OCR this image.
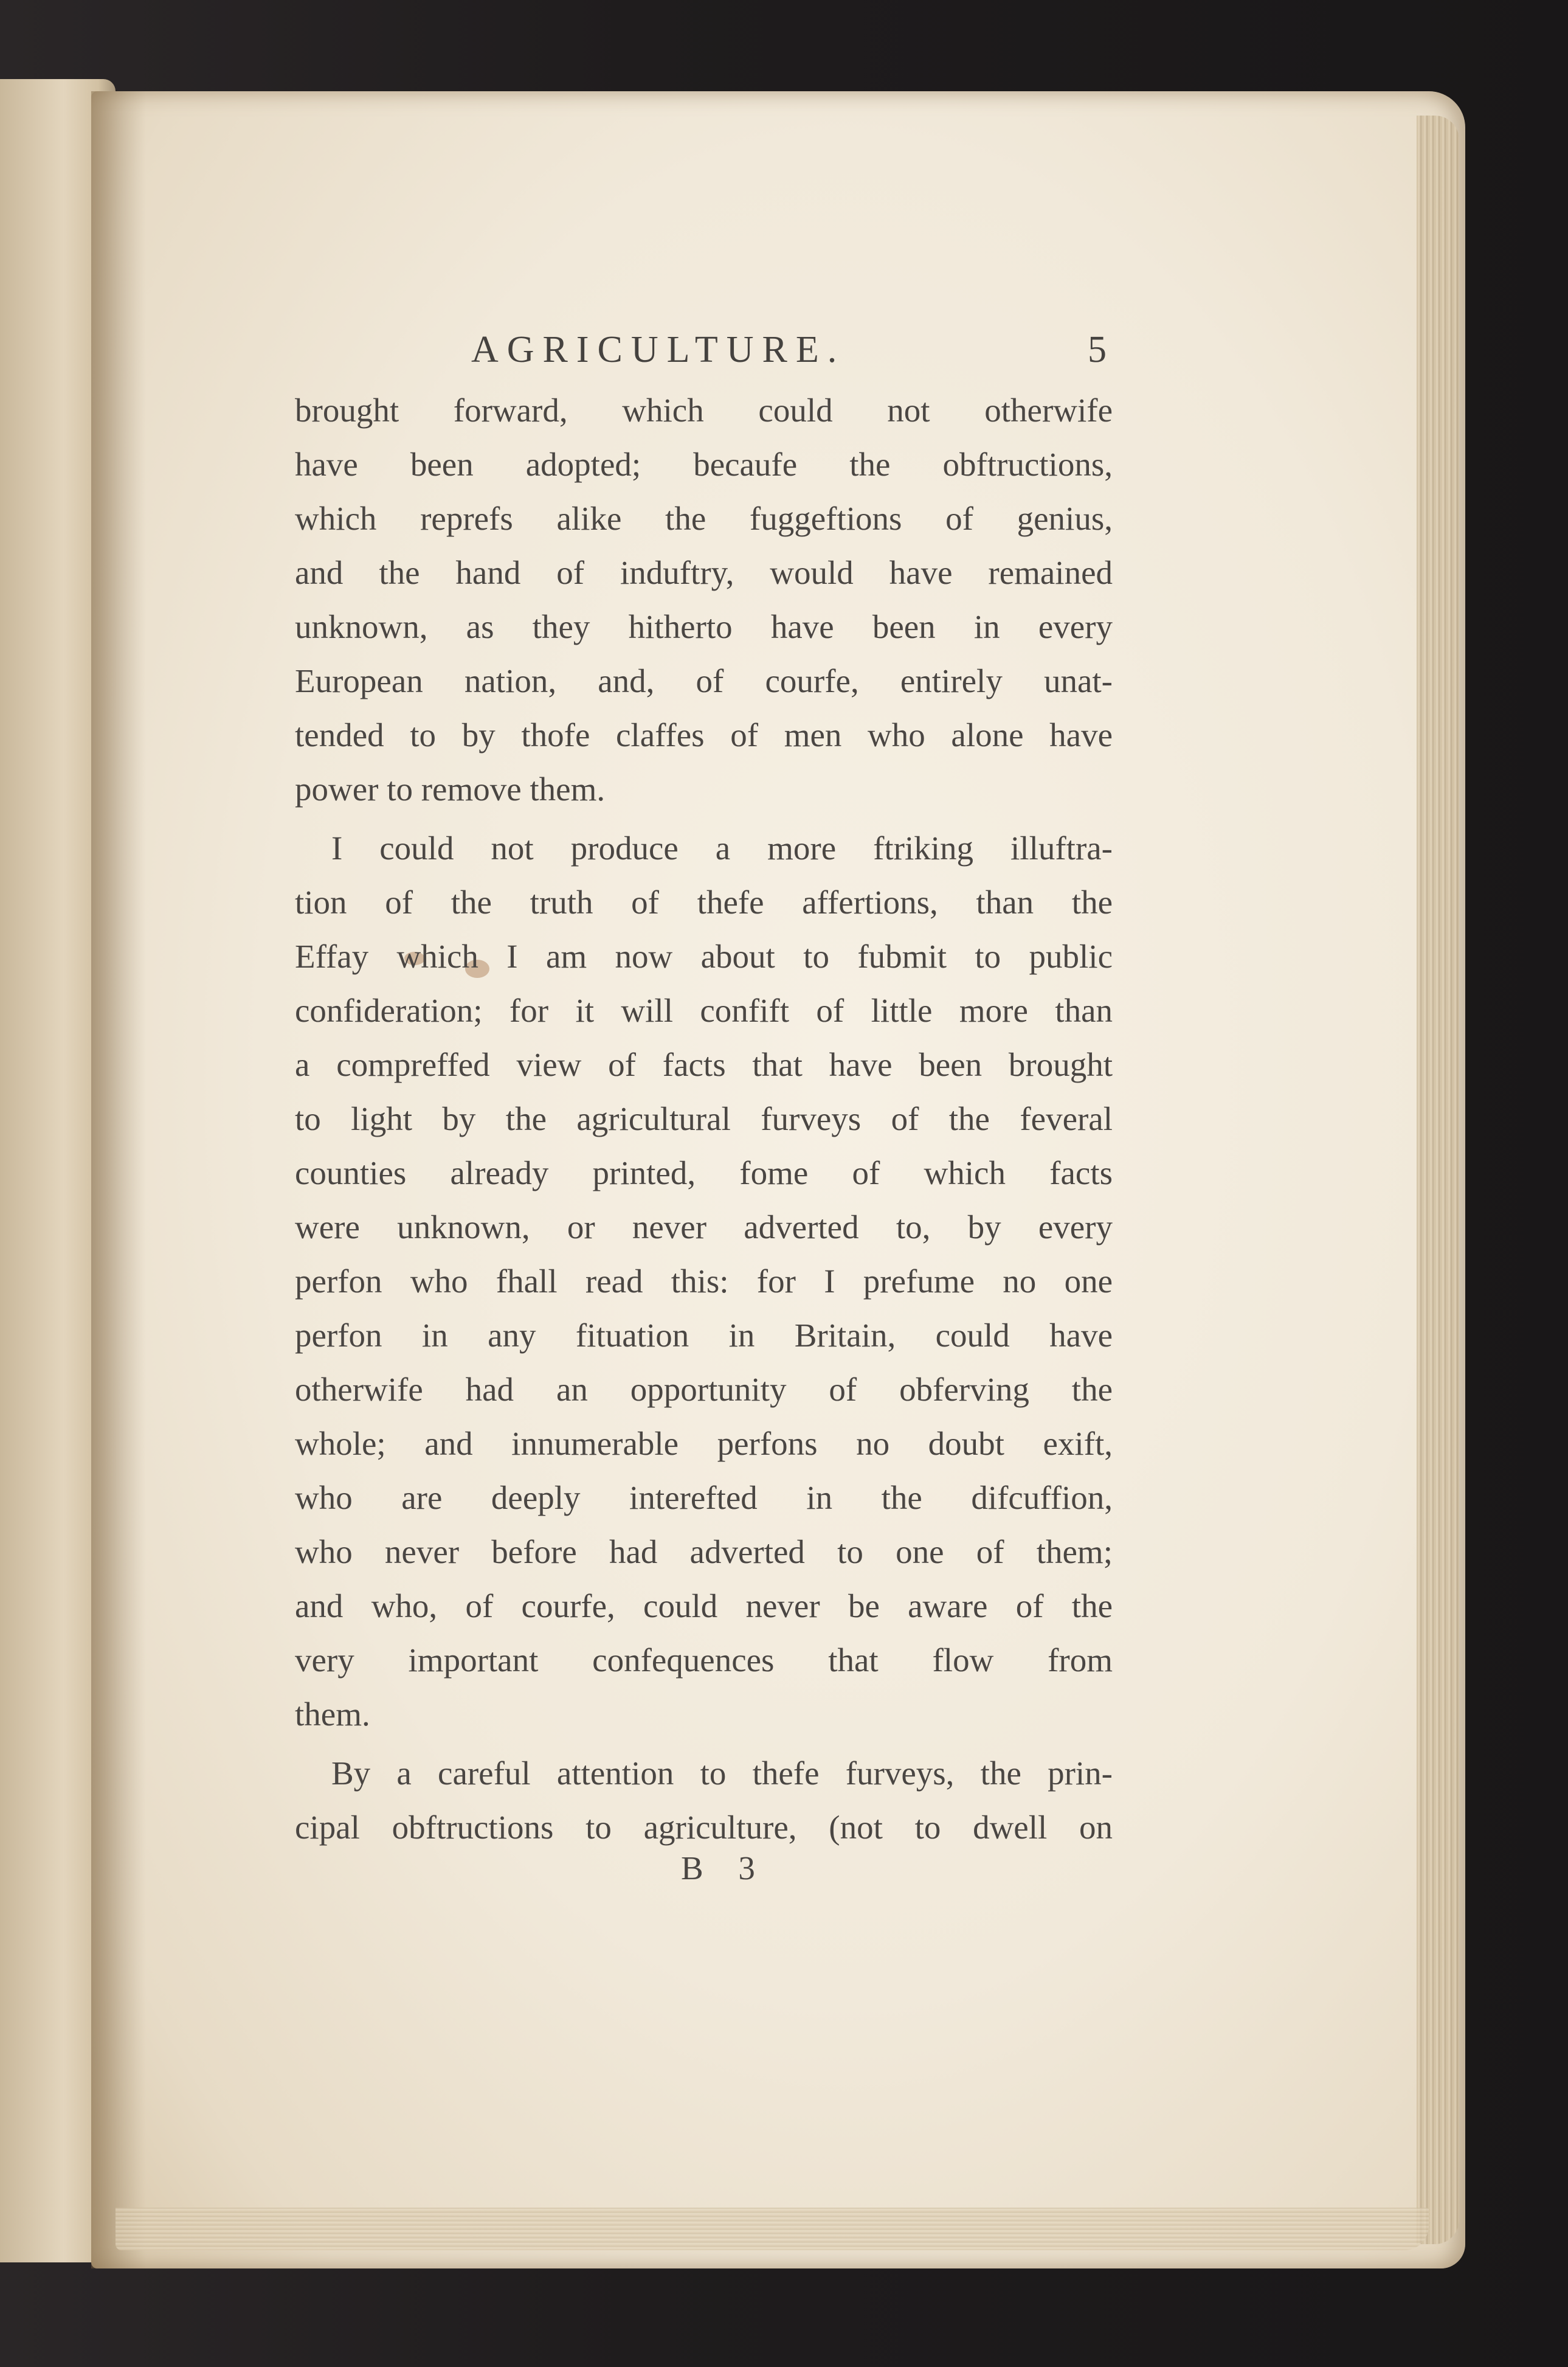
AGRICULTURE.	5
brought forward, which could not otherwife
have been adopted; becaufe the obftructions,
which reprefs alike the fuggeftions of genius,
and the hand of induftry, would have remained
unknown, as they hitherto have been in every
European nation, and, of courfe, entirely unat-
tended to by thofe claffes of men who alone have
power to remove them.
I could not produce a more ftriking illuftra-
tion of the truth of thefe affertions, than the
Effay which I am now about to fubmit to public
confideration; for it will confift of little more than
a compreffed view of facts that have been brought
to light by the agricultural furveys of the feveral
counties already printed, fome of which facts
were unknown, or never adverted to, by every
perfon who fhall read this: for I prefume no one
perfon in any fituation in Britain, could have
otherwife had an opportunity of obferving the
whole; and innumerable perfons no doubt exift,
who are deeply interefted in the difcuffion,
who never before had adverted to one of them;
and who, of courfe, could never be aware of the
very important confequences that flow from
them.
By a careful attention to thefe furveys, the prin-
cipal obftructions to agriculture, (not to dwell on
B 3
